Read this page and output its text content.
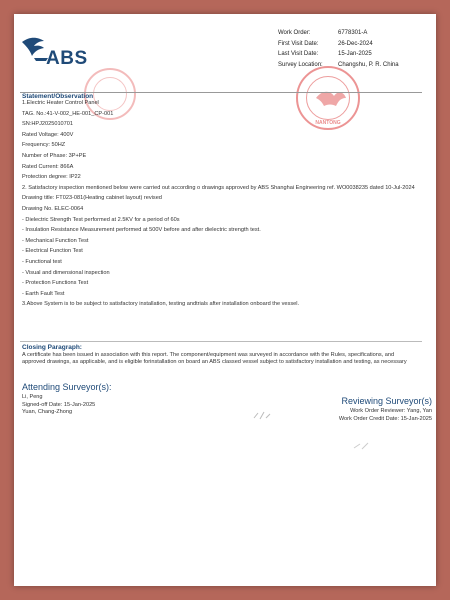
ABS
NANTONG
Work Order:	6778301-A
First Visit Date:	26-Dec-2024
Last Visit Date:	15-Jan-2025
Survey Location:	Changshu, P. R. China
Statement/Observation
1.Electric Heater Control Panel
TAG. No.:41-V-002_HE-001_CP-001
SN:HPJ2025010701
Rated Voltage: 400V
Frequency: 50HZ
Number of Phase: 3P+PE
Rated Current: 866A
Protection degree: IP22
2. Satisfactory inspection mentioned below were carried out according o drawings approved by ABS Shanghai Engineering ref. WO0038235 dated 10-Jul-2024
Drawing title: FT023-081(Heating cabinet layout) revised
Drawing No. ELEC-0064
- Dielectric Strength Test performed at 2.5KV for a period of 60s
- Insulation Resistance Measurement performed at 500V before and after dielectric strength test.
- Mechanical Function Test
- Electrical Function Test
- Functional test
- Visual and dimensional inspection
- Protection Functions Test
- Earth Fault Test
3.Above System is to be subject to satisfactory installation, testing andtrials after installation onboard the vessel.
Closing Paragraph:
A certificate has been issued in association with this report. The component/equipment was surveyed in accordance with the Rules, specifications, and approved drawings, as applicable, and is eligible forinstallation on board an ABS classed vessel subject to satisfactory installation and testing, as necessary
Attending Surveyor(s):
Li, Peng
Signed-off Date: 15-Jan-2025
Yuan, Chang-Zhong
Reviewing Surveyor(s)
Work Order Reviewer: Yang, Yan
Work Order Credit Date: 15-Jan-2025
